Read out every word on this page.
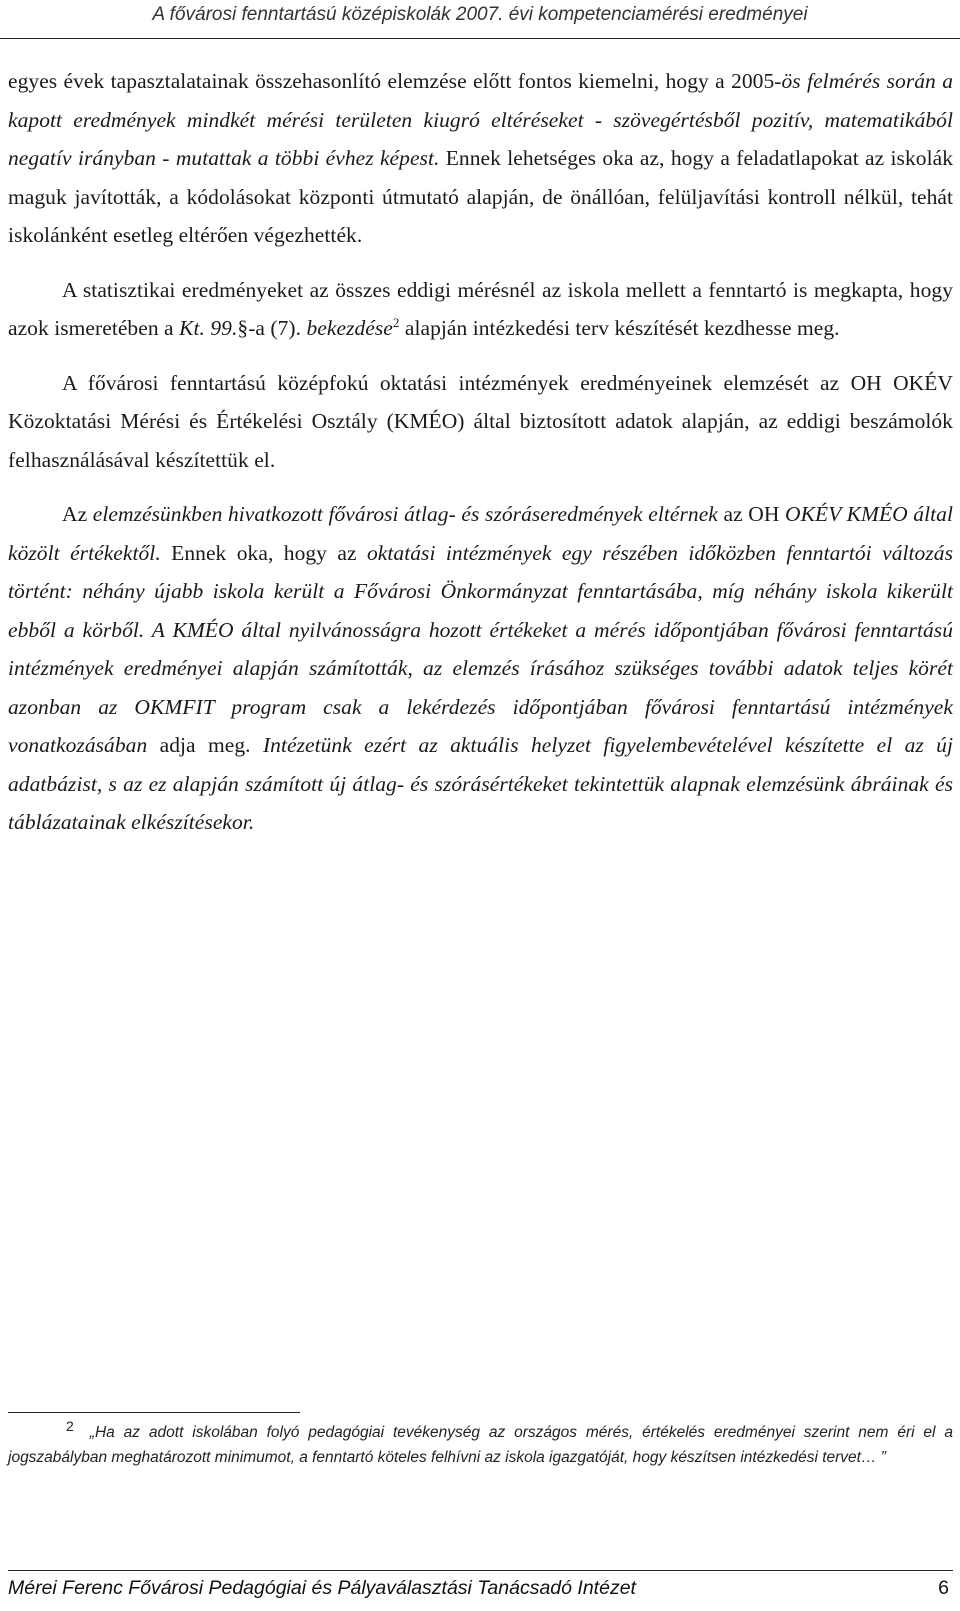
A fővárosi fenntartású középiskolák 2007. évi kompetenciamérési eredményei

egyes évek tapasztalatainak összehasonlító elemzése előtt fontos kiemelni, hogy a 2005-ös felmérés során a kapott eredmények mindkét mérési területen kiugró eltéréseket - szövegértésből pozitív, matematikából negatív irányban - mutattak a többi évhez képest. Ennek lehetséges oka az, hogy a feladatlapokat az iskolák maguk javították, a kódolásokat központi útmutató alapján, de önállóan, felüljavítási kontroll nélkül, tehát iskolánként esetleg eltérően végezhették.

A statisztikai eredményeket az összes eddigi mérésnél az iskola mellett a fenntartó is megkapta, hogy azok ismeretében a Kt. 99.§-a (7). bekezdése$^2$ alapján intézkedési terv készítését kezdhesse meg.

A fővárosi fenntartású középfokú oktatási intézmények eredményeinek elemzését az OH OKÉV Közoktatási Mérési és Értékelési Osztály (KMÉO) által biztosított adatok alapján, az eddigi beszámolók felhasználásával készítettük el.

Az elemzésünkben hivatkozott fővárosi átlag- és szóráseredmények eltérnek az OH OKÉV KMÉO által közölt értékektől. Ennek oka, hogy az oktatási intézmények egy részében időközben fenntartói változás történt: néhány újabb iskola került a Fővárosi Önkormányzat fenntartásába, míg néhány iskola kikerült ebből a körből. A KMÉO által nyilvánosságra hozott értékeket a mérés időpontjában fővárosi fenntartású intézmények eredményei alapján számították, az elemzés írásához szükséges további adatok teljes körét azonban az OKMFIT program csak a lekérdezés időpontjában fővárosi fenntartású intézmények vonatkozásában adja meg. Intézetünk ezért az aktuális helyzet figyelembevételével készítette el az új adatbázist, s az ez alapján számított új átlag- és szórásértékeket tekintettük alapnak elemzésünk ábráinak és táblázatainak elkészítésekor.

2 „Ha az adott iskolában folyó pedagógiai tevékenység az országos mérés, értékelés eredményei szerint nem éri el a jogszabályban meghatározott minimumot, a fenntartó köteles felhívni az iskola igazgatóját, hogy készítsen intézkedési tervet… ”
Mérei Ferenc Fővárosi Pedagógiai és Pályaválasztási Tanácsadó Intézet	6
